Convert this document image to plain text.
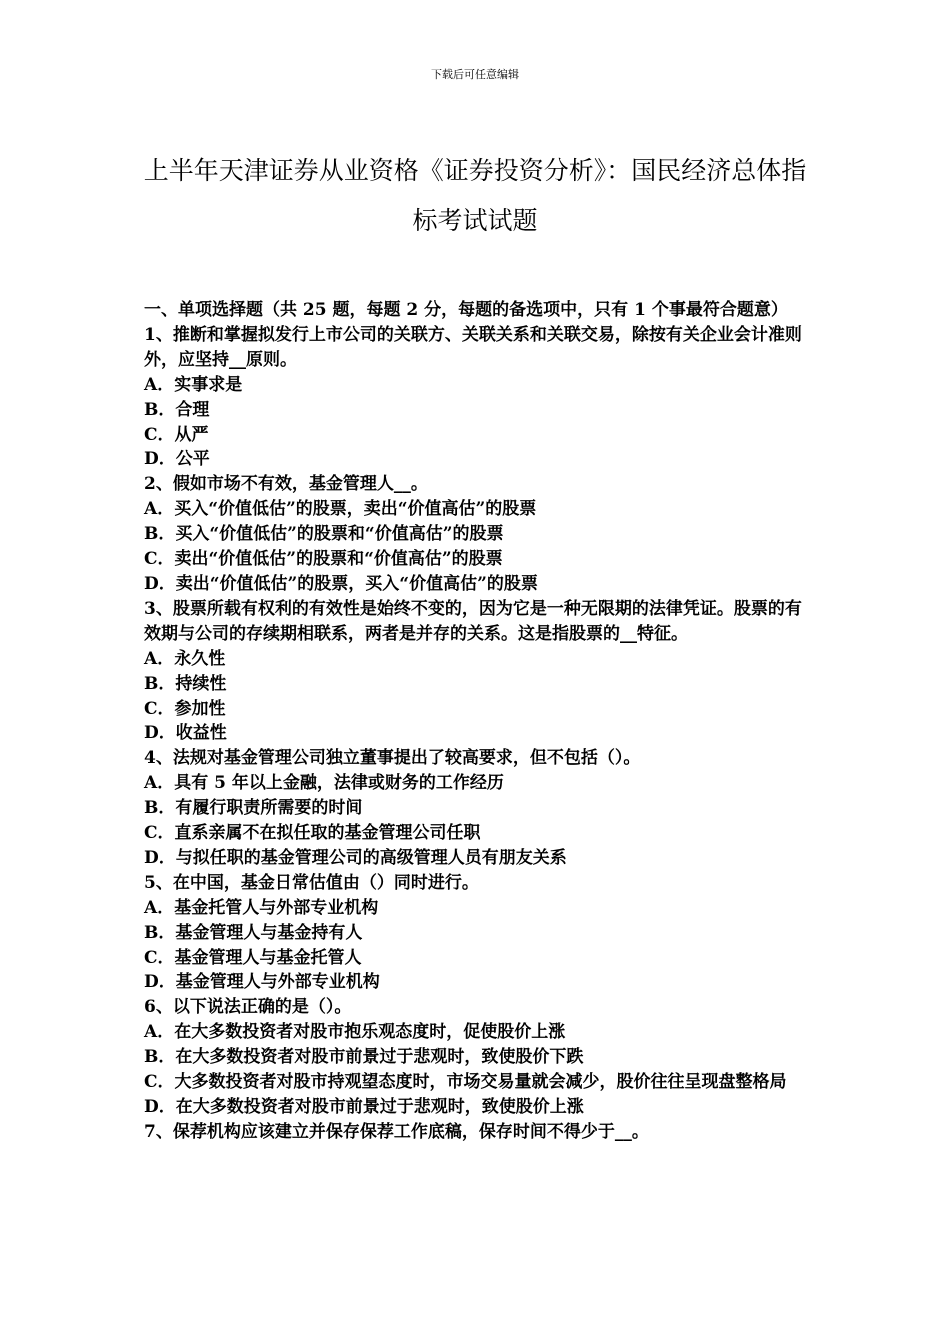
下载后可任意编辑
上半年天津证券从业资格《证券投资分析》：国民经济总体指标考试试题

一、单项选择题（共 25 题，每题 2 分，每题的备选项中，只有 1 个事最符合题意）

1、推断和掌握拟发行上市公司的关联方、关联关系和关联交易，除按有关企业会计准则外，应坚持__原则。

A．实事求是

B．合理

C．从严

D．公平

2、假如市场不有效，基金管理人__。

A．买入“价值低估”的股票，卖出“价值高估”的股票

B．买入“价值低估”的股票和“价值高估”的股票

C．卖出“价值低估”的股票和“价值高估”的股票

D．卖出“价值低估”的股票，买入“价值高估”的股票

3、股票所载有权利的有效性是始终不变的，因为它是一种无限期的法律凭证。股票的有效期与公司的存续期相联系，两者是并存的关系。这是指股票的__特征。

A．永久性

B．持续性

C．参加性

D．收益性

4、法规对基金管理公司独立董事提出了较高要求，但不包括（）。

A．具有 5 年以上金融，法律或财务的工作经历

B．有履行职责所需要的时间

C．直系亲属不在拟任取的基金管理公司任职

D．与拟任职的基金管理公司的高级管理人员有朋友关系

5、在中国，基金日常估值由（）同时进行。

A．基金托管人与外部专业机构

B．基金管理人与基金持有人

C．基金管理人与基金托管人

D．基金管理人与外部专业机构

6、以下说法正确的是（）。

A．在大多数投资者对股市抱乐观态度时，促使股价上涨

B．在大多数投资者对股市前景过于悲观时，致使股价下跌

C．大多数投资者对股市持观望态度时，市场交易量就会减少，股价往往呈现盘整格局

D．在大多数投资者对股市前景过于悲观时，致使股价上涨

7、保荐机构应该建立并保存保荐工作底稿，保存时间不得少于__。
